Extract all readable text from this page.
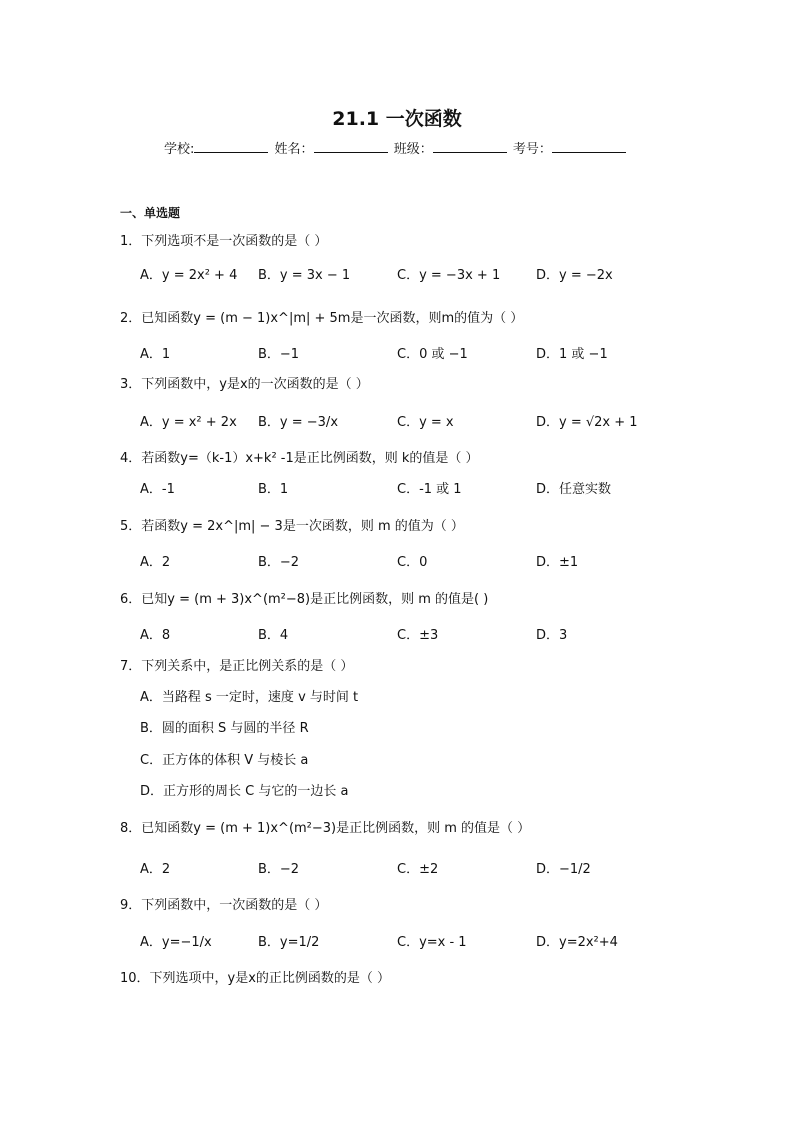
21.1 一次函数
学校:	姓名：	班级：	考号：
一、单选题
1．下列选项不是一次函数的是（ ）
A．y = 2x² + 4 B．y = 3x − 1	C．y = −3x + 1	D．y = −2x
2．已知函数y = (m − 1)x^|m| + 5m是一次函数，则m的值为（ ）
A．1	B．−1	C．0 或 −1	D．1 或 −1
3．下列函数中，y是x的一次函数的是（ ）
A．y = x² + 2x B．y = −3/x	C．y = x	D．y = √2x + 1
4．若函数y=（k-1）x+k² -1是正比例函数，则 k的值是（ ）
A．-1	B．1	C．-1 或 1	D．任意实数
5．若函数y = 2x^|m| − 3是一次函数，则 m 的值为（ ）
A．2	B．−2	C．0	D．±1
6．已知y = (m + 3)x^(m²−8)是正比例函数，则 m 的值是( )
A．8	B．4	C．±3	D．3
7．下列关系中，是正比例关系的是（ ）
A．当路程 s 一定时，速度 v 与时间 t
B．圆的面积 S 与圆的半径 R
C．正方体的体积 V 与棱长 a
D．正方形的周长 C 与它的一边长 a
8．已知函数y = (m + 1)x^(m²−3)是正比例函数，则 m 的值是（ ）
A．2	B．−2	C．±2	D．−1/2
9．下列函数中，一次函数的是（ ）
A．y=−1/x	B．y=1/2	C．y=x - 1	D．y=2x²+4
10．下列选项中，y是x的正比例函数的是（ ）
